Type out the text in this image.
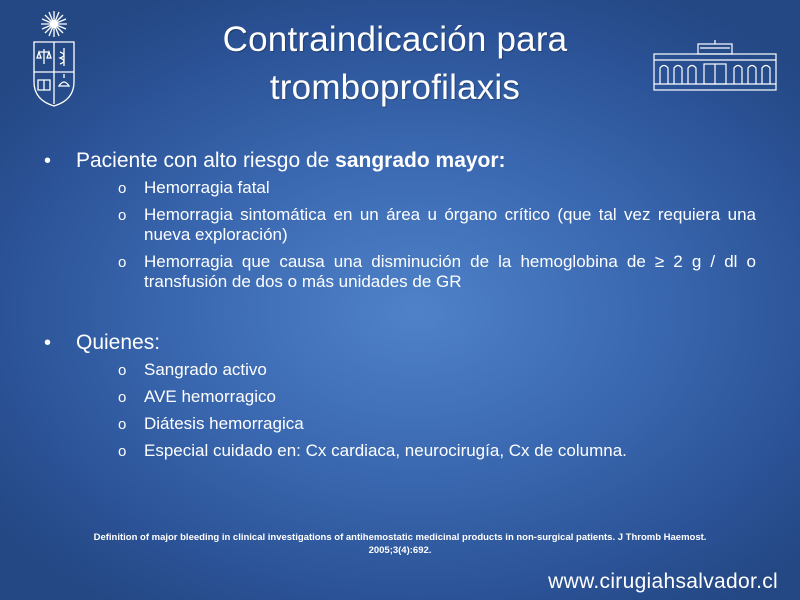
Contraindicación para
tromboprofilaxis
• Paciente con alto riesgo de sangrado mayor:
o Hemorragia fatal
o Hemorragia sintomática en un área u órgano crítico (que tal vez requiera una nueva exploración)
o Hemorragia que causa una disminución de la hemoglobina de ≥ 2 g / dl o transfusión de dos o más unidades de GR
• Quienes:
o Sangrado activo
o AVE hemorragico
o Diátesis hemorragica
o Especial cuidado en: Cx cardiaca, neurocirugía, Cx de columna.
Definition of major bleeding in clinical investigations of antihemostatic medicinal products in non-surgical patients. J Thromb Haemost.
2005;3(4):692.
www.cirugiahsalvador.cl
